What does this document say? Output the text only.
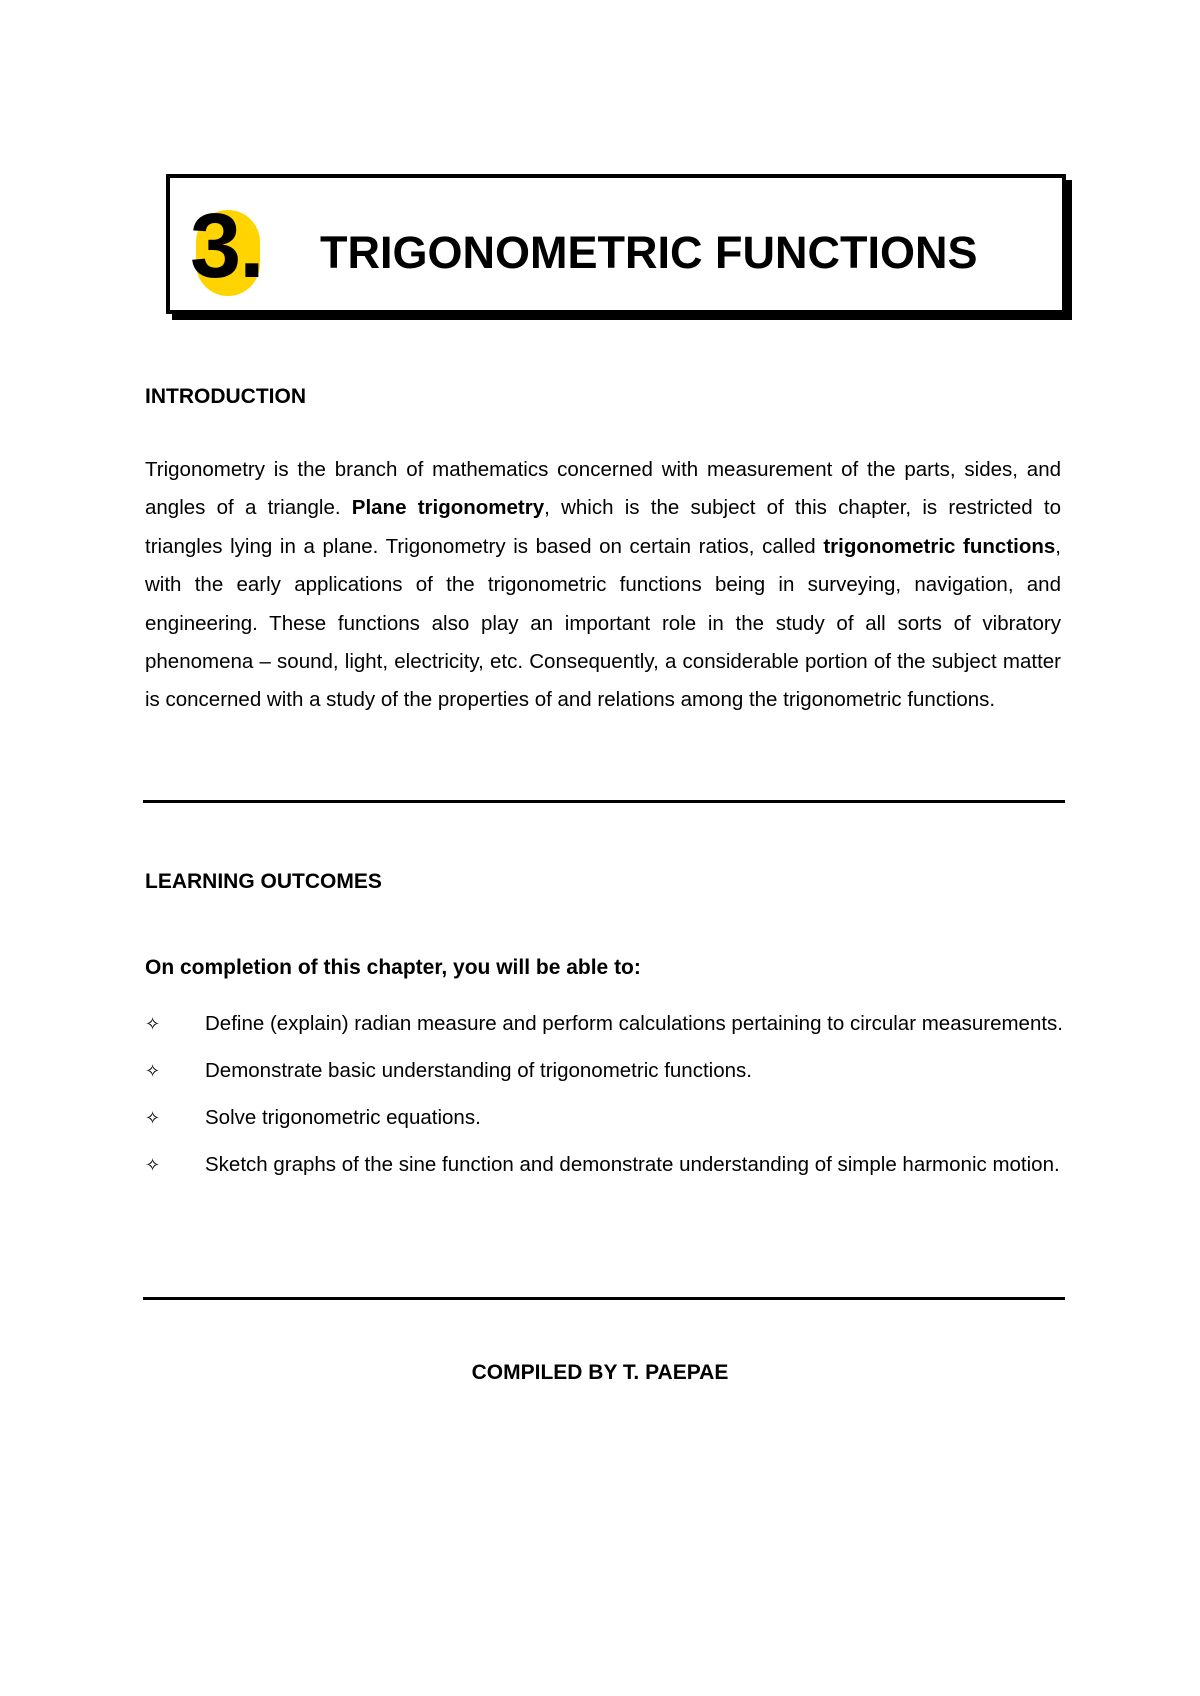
3. TRIGONOMETRIC FUNCTIONS
INTRODUCTION

Trigonometry is the branch of mathematics concerned with measurement of the parts, sides, and angles of a triangle. Plane trigonometry, which is the subject of this chapter, is restricted to triangles lying in a plane. Trigonometry is based on certain ratios, called trigonometric functions, with the early applications of the trigonometric functions being in surveying, navigation, and engineering. These functions also play an important role in the study of all sorts of vibratory phenomena – sound, light, electricity, etc. Consequently, a considerable portion of the subject matter is concerned with a study of the properties of and relations among the trigonometric functions.

LEARNING OUTCOMES
On completion of this chapter, you will be able to:
✧ Define (explain) radian measure and perform calculations pertaining to circular measurements.
✧ Demonstrate basic understanding of trigonometric functions.
✧ Solve trigonometric equations.
✧ Sketch graphs of the sine function and demonstrate understanding of simple harmonic motion.
COMPILED BY T. PAEPAE
